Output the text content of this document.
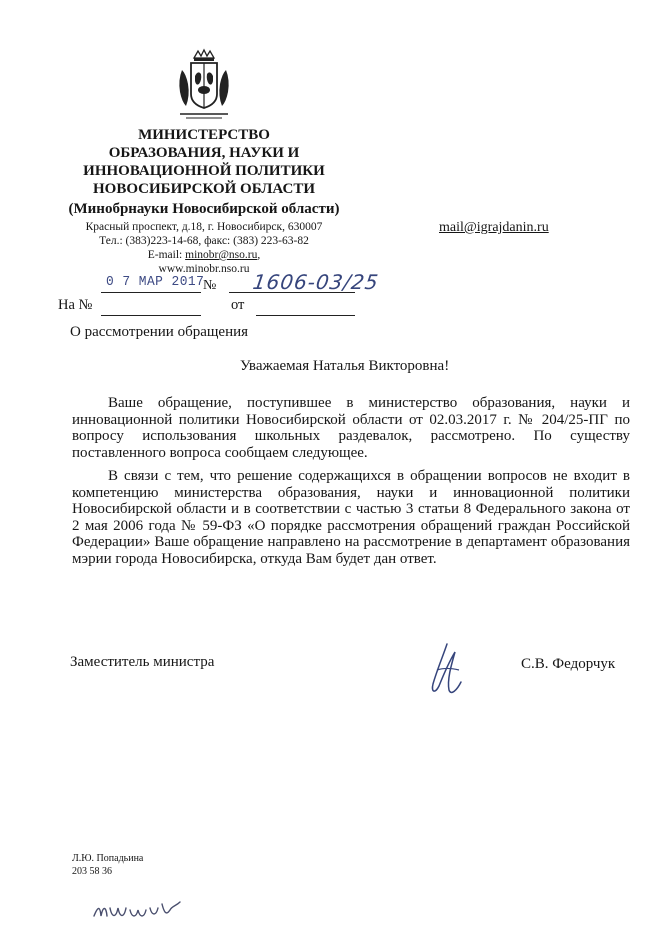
МИНИСТЕРСТВО
ОБРАЗОВАНИЯ, НАУКИ И
ИННОВАЦИОННОЙ ПОЛИТИКИ
НОВОСИБИРСКОЙ ОБЛАСТИ
(Минобрнауки Новосибирской области)
Красный проспект, д.18, г. Новосибирск, 630007
Тел.: (383)223-14-68, факс: (383) 223-63-82
E-mail: minobr@nso.ru,
www.minobr.nso.ru
mail@igrajdanin.ru
0 7 МАР 2017
№ 1606-03/25
На №	от
О рассмотрении обращения
Уважаемая Наталья Викторовна!
Ваше обращение, поступившее в министерство образования, науки и инновационной политики Новосибирской области от 02.03.2017 г. № 204/25-ПГ по вопросу использования школьных раздевалок, рассмотрено. По существу поставленного вопроса сообщаем следующее.
В связи с тем, что решение содержащихся в обращении вопросов не входит в компетенцию министерства образования, науки и инновационной политики Новосибирской области и в соответствии с частью 3 статьи 8 Федерального закона от 2 мая 2006 года № 59-ФЗ «О порядке рассмотрения обращений граждан Российской Федерации» Ваше обращение направлено на рассмотрение в департамент образования мэрии города Новосибирска, откуда Вам будет дан ответ.
Заместитель министра	С.В. Федорчук
Л.Ю. Попадьина
203 58 36
